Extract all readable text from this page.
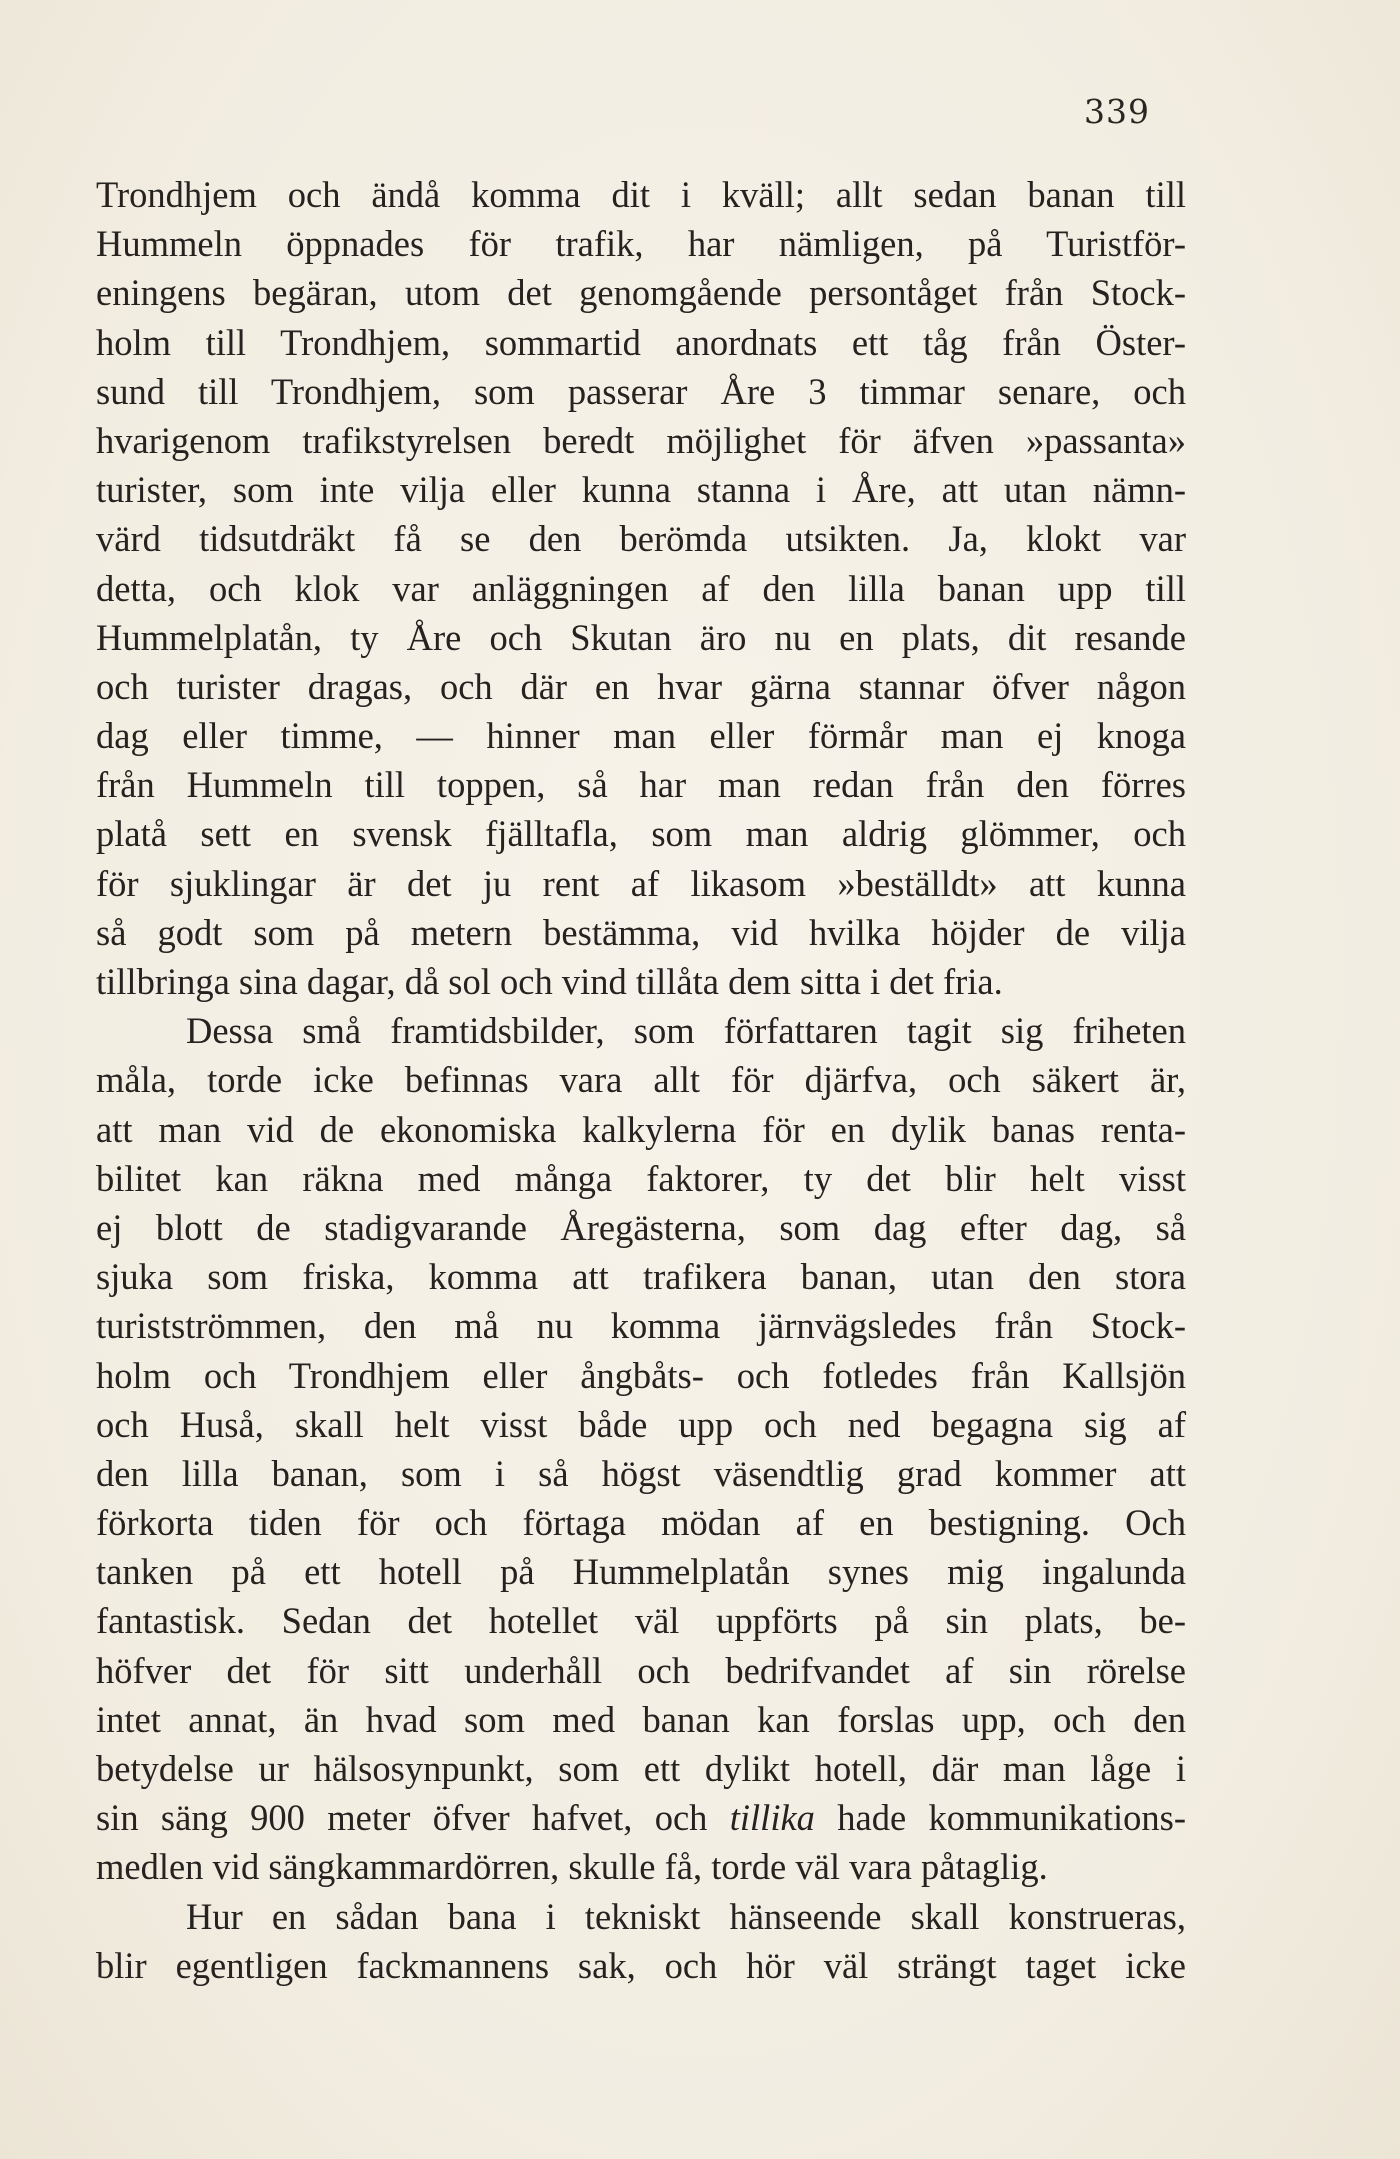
339
Trondhjem och ändå komma dit i kväll; allt sedan banan till
Hummeln öppnades för trafik, har nämligen, på Turistför-
eningens begäran, utom det genomgående persontåget från Stock-
holm till Trondhjem, sommartid anordnats ett tåg från Öster-
sund till Trondhjem, som passerar Åre 3 timmar senare, och
hvarigenom trafikstyrelsen beredt möjlighet för äfven »passanta»
turister, som inte vilja eller kunna stanna i Åre, att utan nämn-
värd tidsutdräkt få se den berömda utsikten. Ja, klokt var
detta, och klok var anläggningen af den lilla banan upp till
Hummelplatån, ty Åre och Skutan äro nu en plats, dit resande
och turister dragas, och där en hvar gärna stannar öfver någon
dag eller timme, — hinner man eller förmår man ej knoga
från Hummeln till toppen, så har man redan från den förres
platå sett en svensk fjälltafla, som man aldrig glömmer, och
för sjuklingar är det ju rent af likasom »beställdt» att kunna
så godt som på metern bestämma, vid hvilka höjder de vilja
tillbringa sina dagar, då sol och vind tillåta dem sitta i det fria.
Dessa små framtidsbilder, som författaren tagit sig friheten
måla, torde icke befinnas vara allt för djärfva, och säkert är,
att man vid de ekonomiska kalkylerna för en dylik banas renta-
bilitet kan räkna med många faktorer, ty det blir helt visst
ej blott de stadigvarande Åregästerna, som dag efter dag, så
sjuka som friska, komma att trafikera banan, utan den stora
turistströmmen, den må nu komma järnvägsledes från Stock-
holm och Trondhjem eller ångbåts- och fotledes från Kallsjön
och Huså, skall helt visst både upp och ned begagna sig af
den lilla banan, som i så högst väsendtlig grad kommer att
förkorta tiden för och förtaga mödan af en bestigning. Och
tanken på ett hotell på Hummelplatån synes mig ingalunda
fantastisk. Sedan det hotellet väl uppförts på sin plats, be-
höfver det för sitt underhåll och bedrifvandet af sin rörelse
intet annat, än hvad som med banan kan forslas upp, och den
betydelse ur hälsosynpunkt, som ett dylikt hotell, där man låge i
sin säng 900 meter öfver hafvet, och tillika hade kommunikations-
medlen vid sängkammardörren, skulle få, torde väl vara påtaglig.
Hur en sådan bana i tekniskt hänseende skall konstrueras,
blir egentligen fackmannens sak, och hör väl strängt taget icke
